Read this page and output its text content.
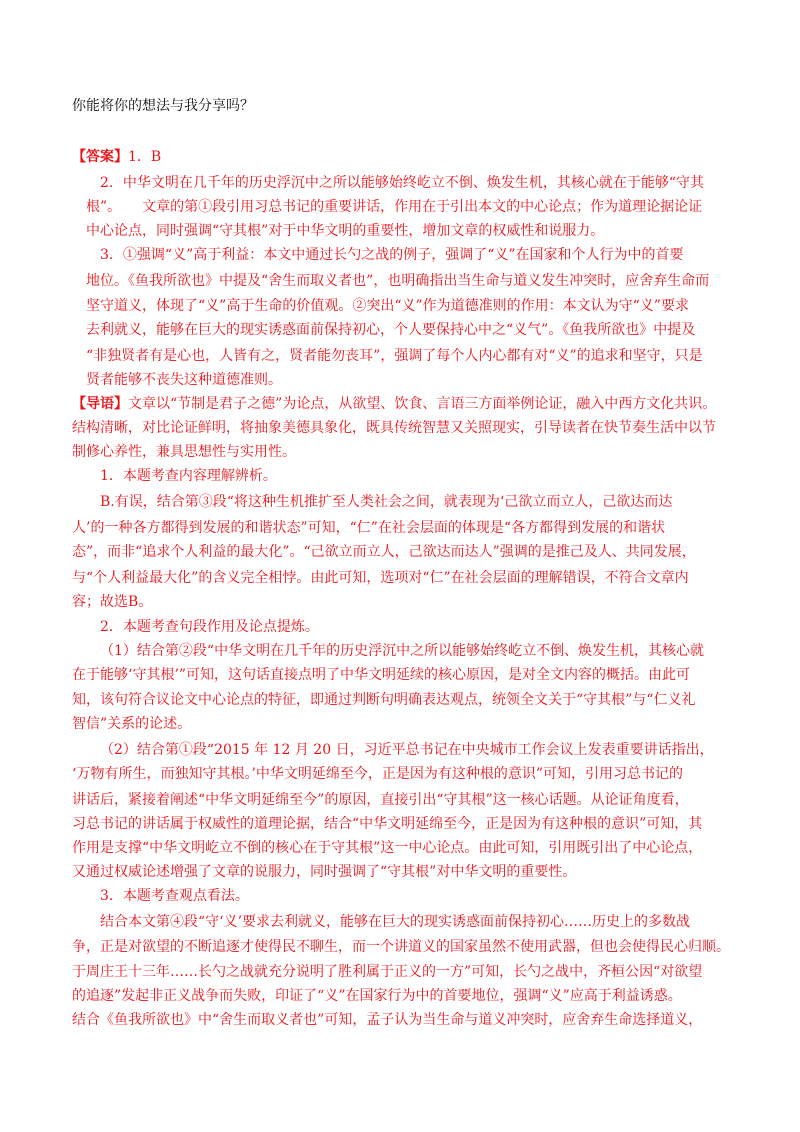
你能将你的想法与我分享吗？
【答案】1．B
2．中华文明在几千年的历史浮沉中之所以能够始终屹立不倒、焕发生机，其核心就在于能够“守其
根”。　　文章的第①段引用习总书记的重要讲话，作用在于引出本文的中心论点；作为道理论据论证
中心论点，同时强调“守其根”对于中华文明的重要性，增加文章的权威性和说服力。
3．①强调“义”高于利益：本文中通过长勺之战的例子，强调了“义”在国家和个人行为中的首要
地位。《鱼我所欲也》中提及“舍生而取义者也”，也明确指出当生命与道义发生冲突时，应舍弃生命而
坚守道义，体现了“义”高于生命的价值观。②突出“义”作为道德准则的作用：本文认为守“义”要求
去利就义，能够在巨大的现实诱惑面前保持初心，个人要保持心中之“义气”。《鱼我所欲也》中提及
“非独贤者有是心也，人皆有之，贤者能勿丧耳”，强调了每个人内心都有对“义”的追求和坚守，只是
贤者能够不丧失这种道德准则。
【导语】文章以“节制是君子之德”为论点，从欲望、饮食、言语三方面举例论证，融入中西方文化共识。
结构清晰，对比论证鲜明，将抽象美德具象化，既具传统智慧又关照现实，引导读者在快节奏生活中以节
制修心养性，兼具思想性与实用性。
1．本题考查内容理解辨析。
B.有误，结合第③段“将这种生机推扩至人类社会之间，就表现为‘己欲立而立人，己欲达而达
人’的一种各方都得到发展的和谐状态”可知，“仁”在社会层面的体现是“各方都得到发展的和谐状
态”，而非“追求个人利益的最大化”。“己欲立而立人，己欲达而达人”强调的是推己及人、共同发展，
与“个人利益最大化”的含义完全相悖。由此可知，选项对“仁”在社会层面的理解错误，不符合文章内
容；故选B。
2．本题考查句段作用及论点提炼。
（1）结合第②段“中华文明在几千年的历史浮沉中之所以能够始终屹立不倒、焕发生机，其核心就
在于能够‘守其根’”可知，这句话直接点明了中华文明延续的核心原因，是对全文内容的概括。由此可
知，该句符合议论文中心论点的特征，即通过判断句明确表达观点，统领全文关于“守其根”与“仁义礼
智信”关系的论述。
（2）结合第①段“2015 年 12 月 20 日，习近平总书记在中央城市工作会议上发表重要讲话指出，
‘万物有所生，而独知守其根。’中华文明延绵至今，正是因为有这种根的意识”可知，引用习总书记的
讲话后，紧接着阐述“中华文明延绵至今”的原因，直接引出“守其根”这一核心话题。从论证角度看，
习总书记的讲话属于权威性的道理论据，结合“中华文明延绵至今，正是因为有这种根的意识”可知，其
作用是支撑“中华文明屹立不倒的核心在于守其根”这一中心论点。由此可知，引用既引出了中心论点，
又通过权威论述增强了文章的说服力，同时强调了“守其根”对中华文明的重要性。
3．本题考查观点看法。
结合本文第④段“守‘义’要求去利就义，能够在巨大的现实诱惑面前保持初心……历史上的多数战
争，正是对欲望的不断追逐才使得民不聊生，而一个讲道义的国家虽然不使用武器，但也会使得民心归顺。
于周庄王十三年……长勺之战就充分说明了胜利属于正义的一方”可知，长勺之战中，齐桓公因“对欲望
的追逐”发起非正义战争而失败，印证了“义”在国家行为中的首要地位，强调“义”应高于利益诱惑。
结合《鱼我所欲也》中“舍生而取义者也”可知，孟子认为当生命与道义冲突时，应舍弃生命选择道义，
